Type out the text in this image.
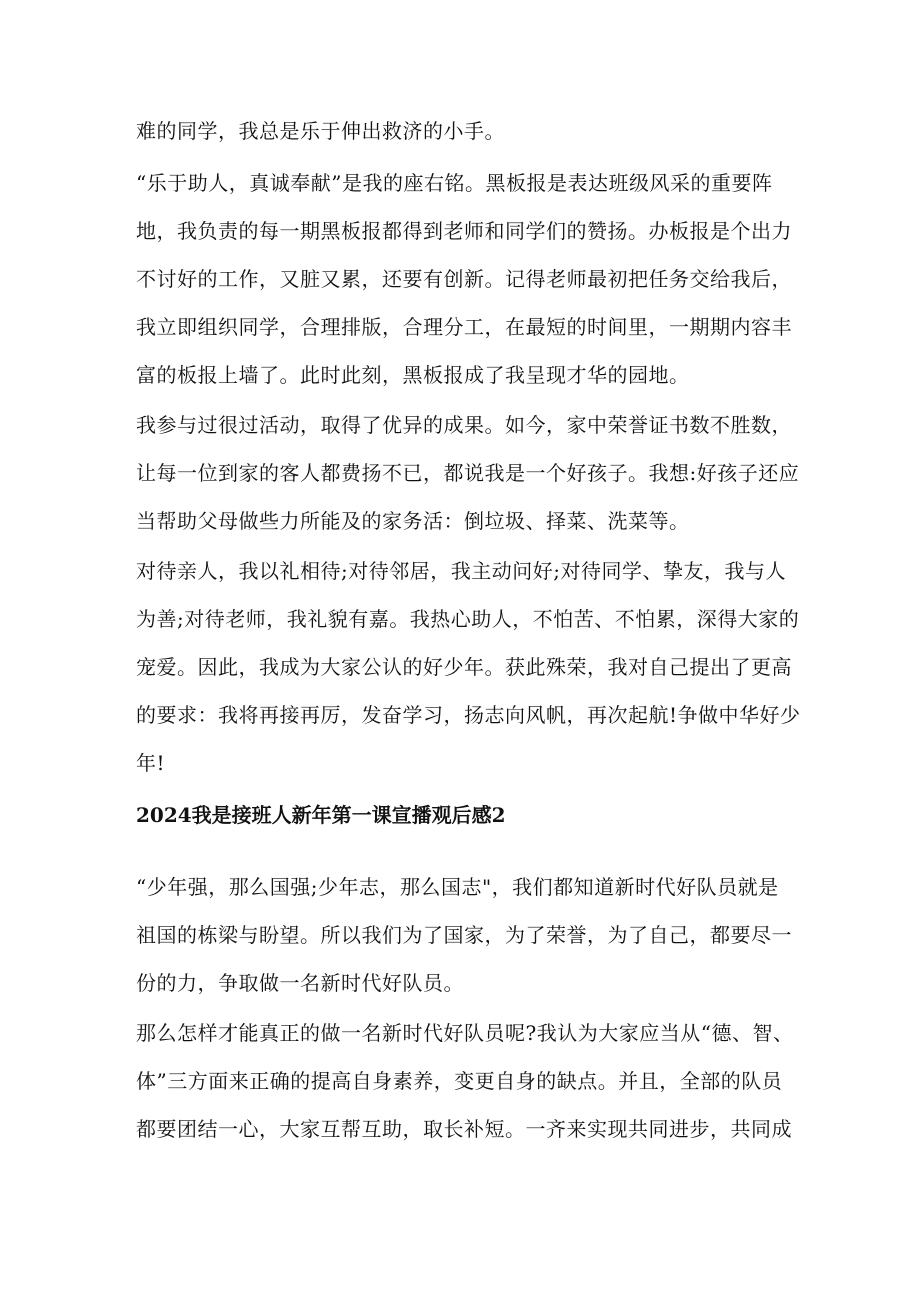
难的同学，我总是乐于伸出救济的小手。
“乐于助人，真诚奉献”是我的座右铭。黑板报是表达班级风采的重要阵
地，我负责的每一期黑板报都得到老师和同学们的赞扬。办板报是个出力
不讨好的工作，又脏又累，还要有创新。记得老师最初把任务交给我后，
我立即组织同学，合理排版，合理分工，在最短的时间里，一期期内容丰
富的板报上墙了。此时此刻，黑板报成了我呈现才华的园地。
我参与过很过活动，取得了优异的成果。如今，家中荣誉证书数不胜数，
让每一位到家的客人都费扬不已，都说我是一个好孩子。我想:好孩子还应
当帮助父母做些力所能及的家务活：倒垃圾、择菜、洗菜等。
对待亲人，我以礼相待;对待邻居，我主动问好;对待同学、挚友，我与人
为善;对待老师，我礼貌有嘉。我热心助人，不怕苦、不怕累，深得大家的
宠爱。因此，我成为大家公认的好少年。获此殊荣，我对自己提出了更高
的要求：我将再接再厉，发奋学习，扬志向风帆，再次起航!争做中华好少
年!
2024我是接班人新年第一课宣播观后感2
“少年强，那么国强;少年志，那么国志"，我们都知道新时代好队员就是
祖国的栋梁与盼望。所以我们为了国家，为了荣誉，为了自己，都要尽一
份的力，争取做一名新时代好队员。
那么怎样才能真正的做一名新时代好队员呢?我认为大家应当从“德、智、
体”三方面来正确的提高自身素养，变更自身的缺点。并且，全部的队员
都要团结一心，大家互帮互助，取长补短。一齐来实现共同进步，共同成
